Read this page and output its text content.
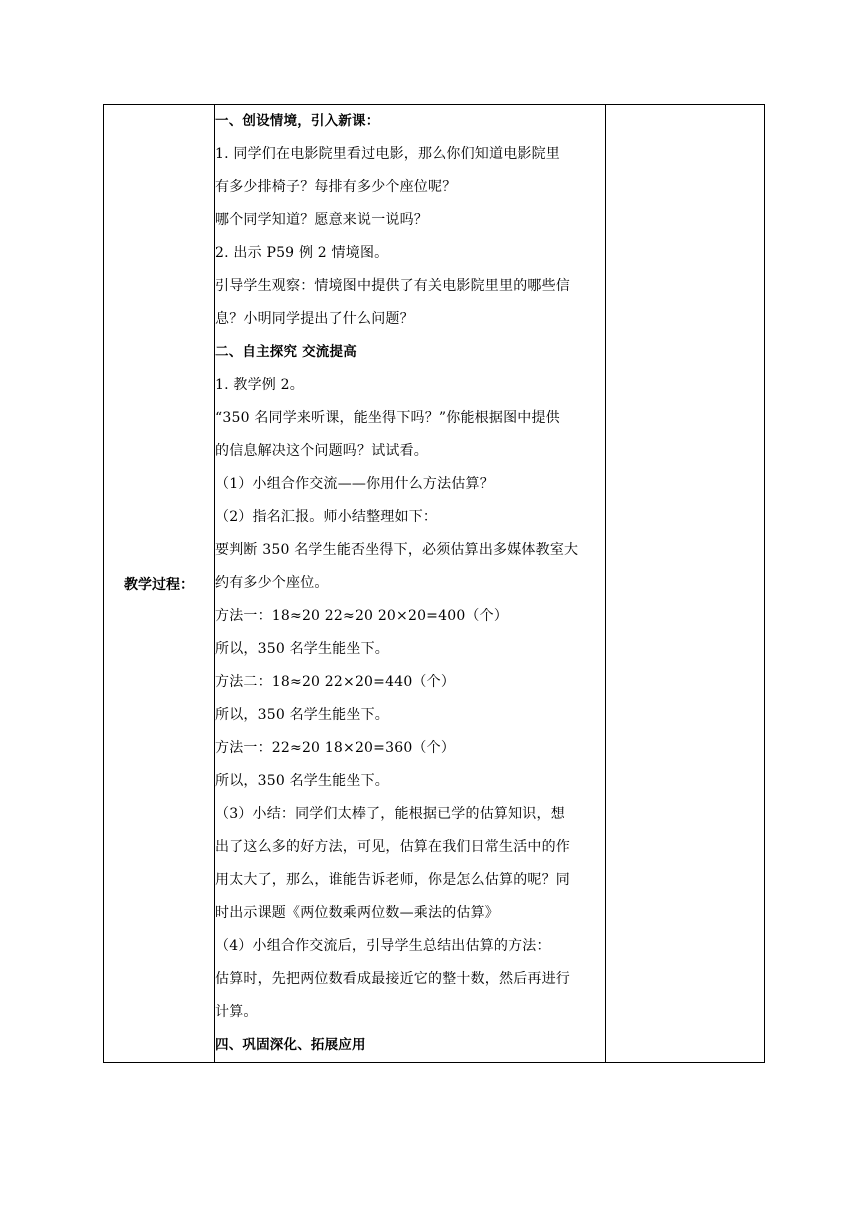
教学过程：	
一、创设情境，引入新课：
1. 同学们在电影院里看过电影，那么你们知道电影院里
有多少排椅子？每排有多少个座位呢？
哪个同学知道？愿意来说一说吗？
2. 出示 P59 例 2 情境图。
引导学生观察：情境图中提供了有关电影院里里的哪些信
息？小明同学提出了什么问题？
二、自主探究 交流提高
1. 教学例 2。
“350 名同学来听课，能坐得下吗？”你能根据图中提供
的信息解决这个问题吗？试试看。
（1）小组合作交流——你用什么方法估算？
（2）指名汇报。师小结整理如下：
要判断 350 名学生能否坐得下，必须估算出多媒体教室大
约有多少个座位。
方法一：18≈20 22≈20 20×20=400（个）
所以，350 名学生能坐下。
方法二：18≈20 22×20=440（个）
所以，350 名学生能坐下。
方法一：22≈20 18×20=360（个）
所以，350 名学生能坐下。
（3）小结：同学们太棒了，能根据已学的估算知识，想
出了这么多的好方法，可见，估算在我们日常生活中的作
用太大了，那么，谁能告诉老师，你是怎么估算的呢？同
时出示课题《两位数乘两位数—乘法的估算》
（4）小组合作交流后，引导学生总结出估算的方法：
估算时，先把两位数看成最接近它的整十数，然后再进行
计算。
四、巩固深化、拓展应用
